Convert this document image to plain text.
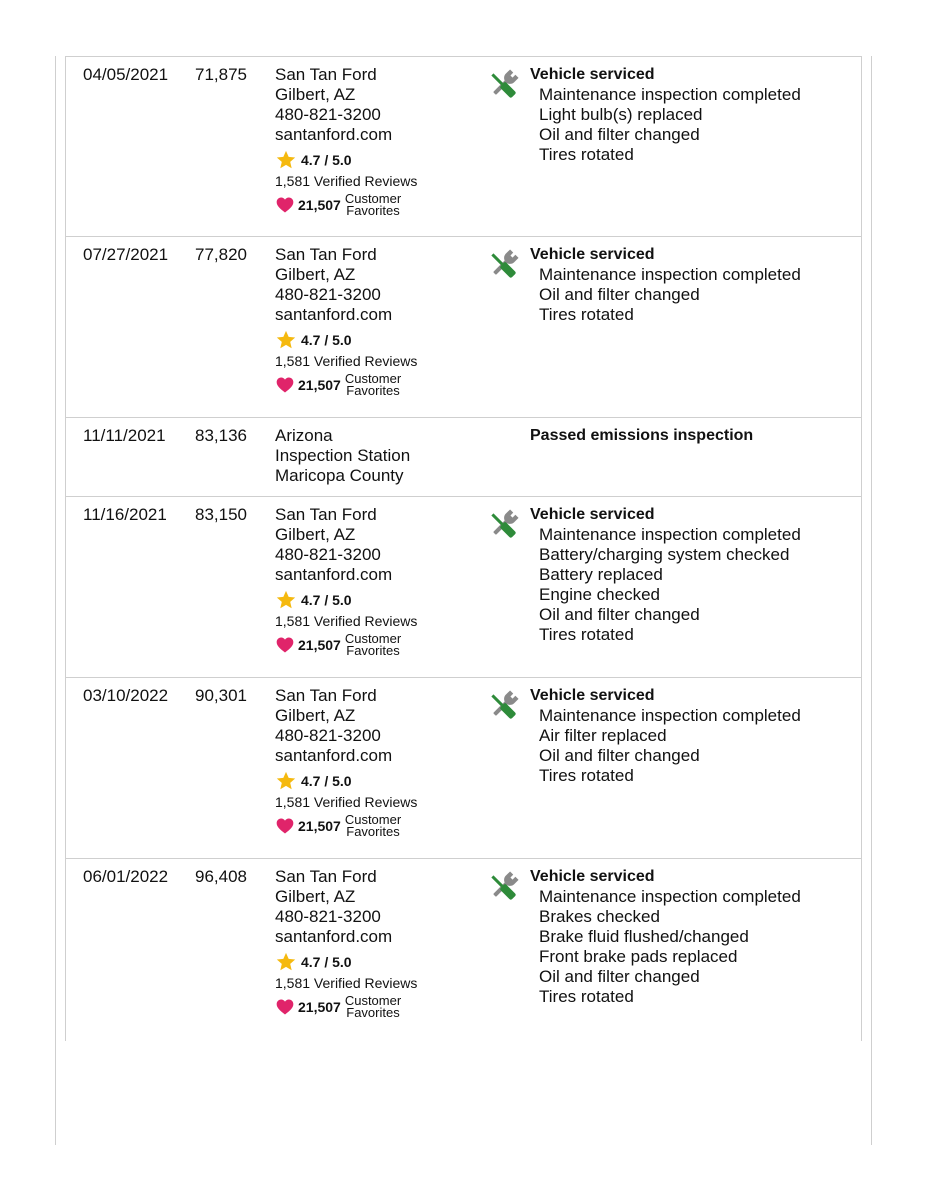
04/05/2021 71,875 San Tan Ford
Gilbert, AZ
480-821-3200
santanford.com
4.7 / 5.0
1,581 Verified Reviews
21,507 Customer
Favorites
Vehicle serviced
Maintenance inspection completed
Light bulb(s) replaced
Oil and filter changed
Tires rotated
07/27/2021 77,820 San Tan Ford
Gilbert, AZ
480-821-3200
santanford.com
4.7 / 5.0
1,581 Verified Reviews
21,507 Customer
Favorites
Vehicle serviced
Maintenance inspection completed
Oil and filter changed
Tires rotated
11/11/2021 83,136 Arizona
Inspection Station
Maricopa County
Passed emissions inspection
11/16/2021 83,150 San Tan Ford
Gilbert, AZ
480-821-3200
santanford.com
4.7 / 5.0
1,581 Verified Reviews
21,507 Customer
Favorites
Vehicle serviced
Maintenance inspection completed
Battery/charging system checked
Battery replaced
Engine checked
Oil and filter changed
Tires rotated
03/10/2022 90,301 San Tan Ford
Gilbert, AZ
480-821-3200
santanford.com
4.7 / 5.0
1,581 Verified Reviews
21,507 Customer
Favorites
Vehicle serviced
Maintenance inspection completed
Air filter replaced
Oil and filter changed
Tires rotated
06/01/2022 96,408 San Tan Ford
Gilbert, AZ
480-821-3200
santanford.com
4.7 / 5.0
1,581 Verified Reviews
21,507 Customer
Favorites
Vehicle serviced
Maintenance inspection completed
Brakes checked
Brake fluid flushed/changed
Front brake pads replaced
Oil and filter changed
Tires rotated
